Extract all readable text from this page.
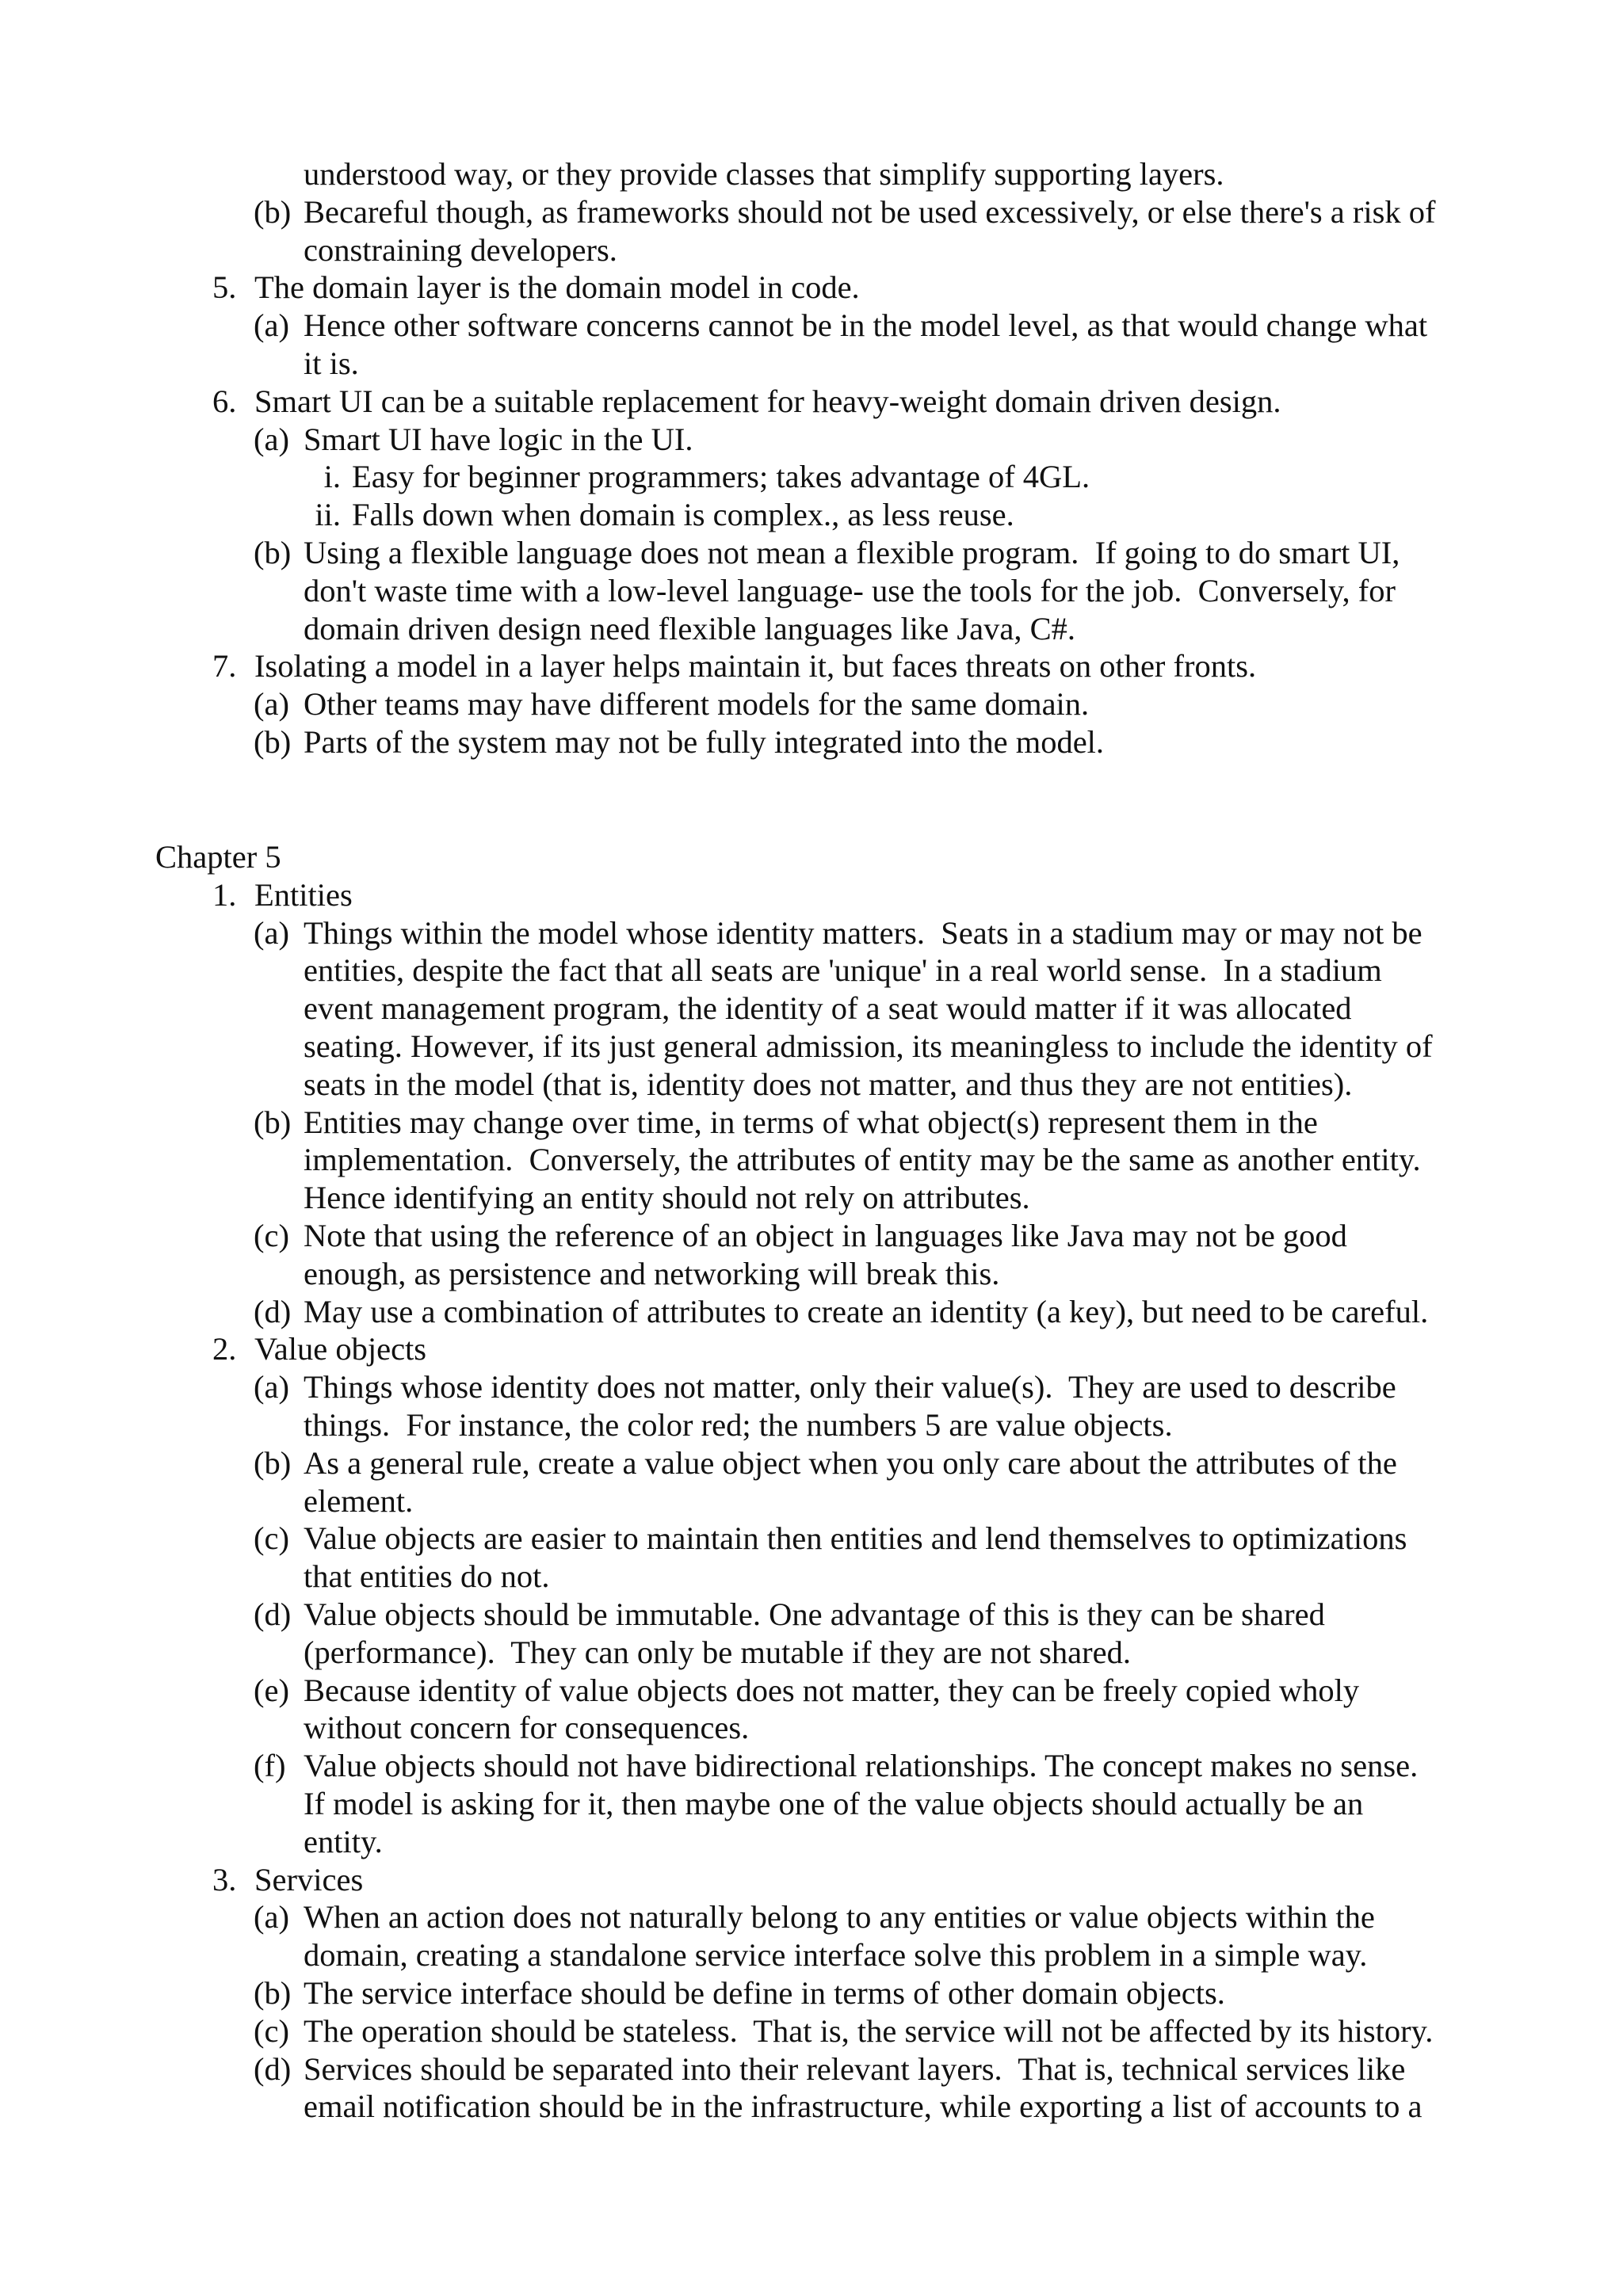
understood way, or they provide classes that simplify supporting layers.
(b) Becareful though, as frameworks should not be used excessively, or else there's a risk of
constraining developers.
5. The domain layer is the domain model in code.
(a) Hence other software concerns cannot be in the model level, as that would change what
it is.
6. Smart UI can be a suitable replacement for heavy-weight domain driven design.
(a) Smart UI have logic in the UI.
i. Easy for beginner programmers; takes advantage of 4GL.
ii. Falls down when domain is complex., as less reuse.
(b) Using a flexible language does not mean a flexible program.  If going to do smart UI,
don't waste time with a low-level language- use the tools for the job.  Conversely, for
domain driven design need flexible languages like Java, C#.
7. Isolating a model in a layer helps maintain it, but faces threats on other fronts.
(a) Other teams may have different models for the same domain.
(b) Parts of the system may not be fully integrated into the model.
Chapter 5
1. Entities
(a) Things within the model whose identity matters.  Seats in a stadium may or may not be
entities, despite the fact that all seats are 'unique' in a real world sense.  In a stadium
event management program, the identity of a seat would matter if it was allocated
seating. However, if its just general admission, its meaningless to include the identity of
seats in the model (that is, identity does not matter, and thus they are not entities).
(b) Entities may change over time, in terms of what object(s) represent them in the
implementation.  Conversely, the attributes of entity may be the same as another entity.
Hence identifying an entity should not rely on attributes.
(c) Note that using the reference of an object in languages like Java may not be good
enough, as persistence and networking will break this.
(d) May use a combination of attributes to create an identity (a key), but need to be careful.
2. Value objects
(a) Things whose identity does not matter, only their value(s).  They are used to describe
things.  For instance, the color red; the numbers 5 are value objects.
(b) As a general rule, create a value object when you only care about the attributes of the
element.
(c) Value objects are easier to maintain then entities and lend themselves to optimizations
that entities do not.
(d) Value objects should be immutable. One advantage of this is they can be shared
(performance).  They can only be mutable if they are not shared.
(e) Because identity of value objects does not matter, they can be freely copied wholy
without concern for consequences.
(f) Value objects should not have bidirectional relationships. The concept makes no sense.
If model is asking for it, then maybe one of the value objects should actually be an
entity.
3. Services
(a) When an action does not naturally belong to any entities or value objects within the
domain, creating a standalone service interface solve this problem in a simple way.
(b) The service interface should be define in terms of other domain objects.
(c) The operation should be stateless.  That is, the service will not be affected by its history.
(d) Services should be separated into their relevant layers.  That is, technical services like
email notification should be in the infrastructure, while exporting a list of accounts to a
